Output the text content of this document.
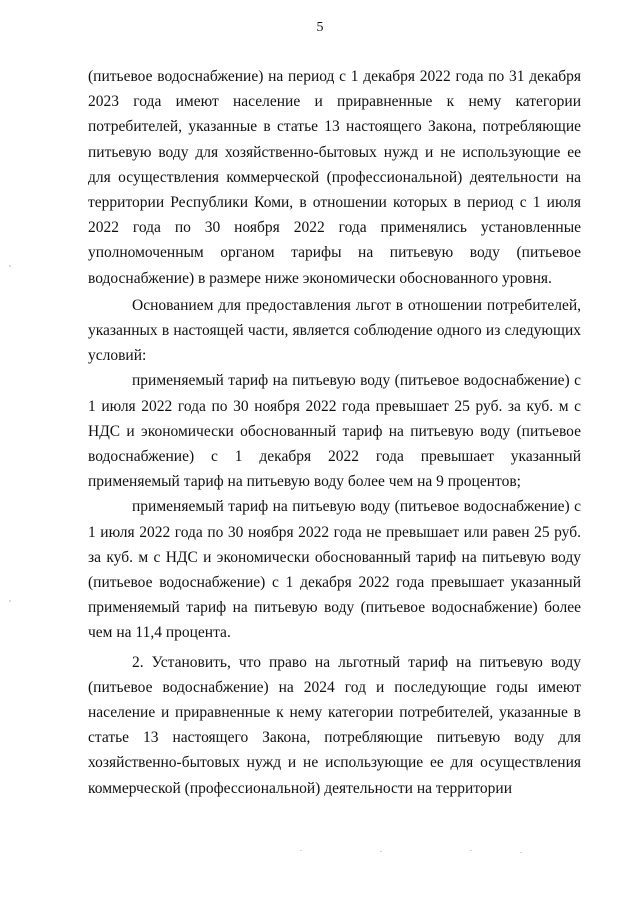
5

(питьевое водоснабжение) на период с 1 декабря 2022 года по 31 декабря 2023 года имеют население и приравненные к нему категории потребителей, указанные в статье 13 настоящего Закона, потребляющие питьевую воду для хозяйственно-бытовых нужд и не использующие ее для осуществления коммерческой (профессиональной) деятельности на территории Республики Коми, в отношении которых в период с 1 июля 2022 года по 30 ноября 2022 года применялись установленные уполномоченным органом тарифы на питьевую воду (питьевое водоснабжение) в размере ниже экономически обоснованного уровня.

Основанием для предоставления льгот в отношении потребителей, указанных в настоящей части, является соблюдение одного из следующих условий:

применяемый тариф на питьевую воду (питьевое водоснабжение) с 1 июля 2022 года по 30 ноября 2022 года превышает 25 руб. за куб. м с НДС и экономически обоснованный тариф на питьевую воду (питьевое водоснабжение) с 1 декабря 2022 года превышает указанный применяемый тариф на питьевую воду более чем на 9 процентов;

применяемый тариф на питьевую воду (питьевое водоснабжение) с 1 июля 2022 года по 30 ноября 2022 года не превышает или равен 25 руб. за куб. м с НДС и экономически обоснованный тариф на питьевую воду (питьевое водоснабжение) с 1 декабря 2022 года превышает указанный применяемый тариф на питьевую воду (питьевое водоснабжение) более чем на 11,4 процента.

2. Установить, что право на льготный тариф на питьевую воду (питьевое водоснабжение) на 2024 год и последующие годы имеют население и приравненные к нему категории потребителей, указанные в статье 13 настоящего Закона, потребляющие питьевую воду для хозяйственно-бытовых нужд и не использующие ее для осуществления коммерческой (профессиональной) деятельности на территории
